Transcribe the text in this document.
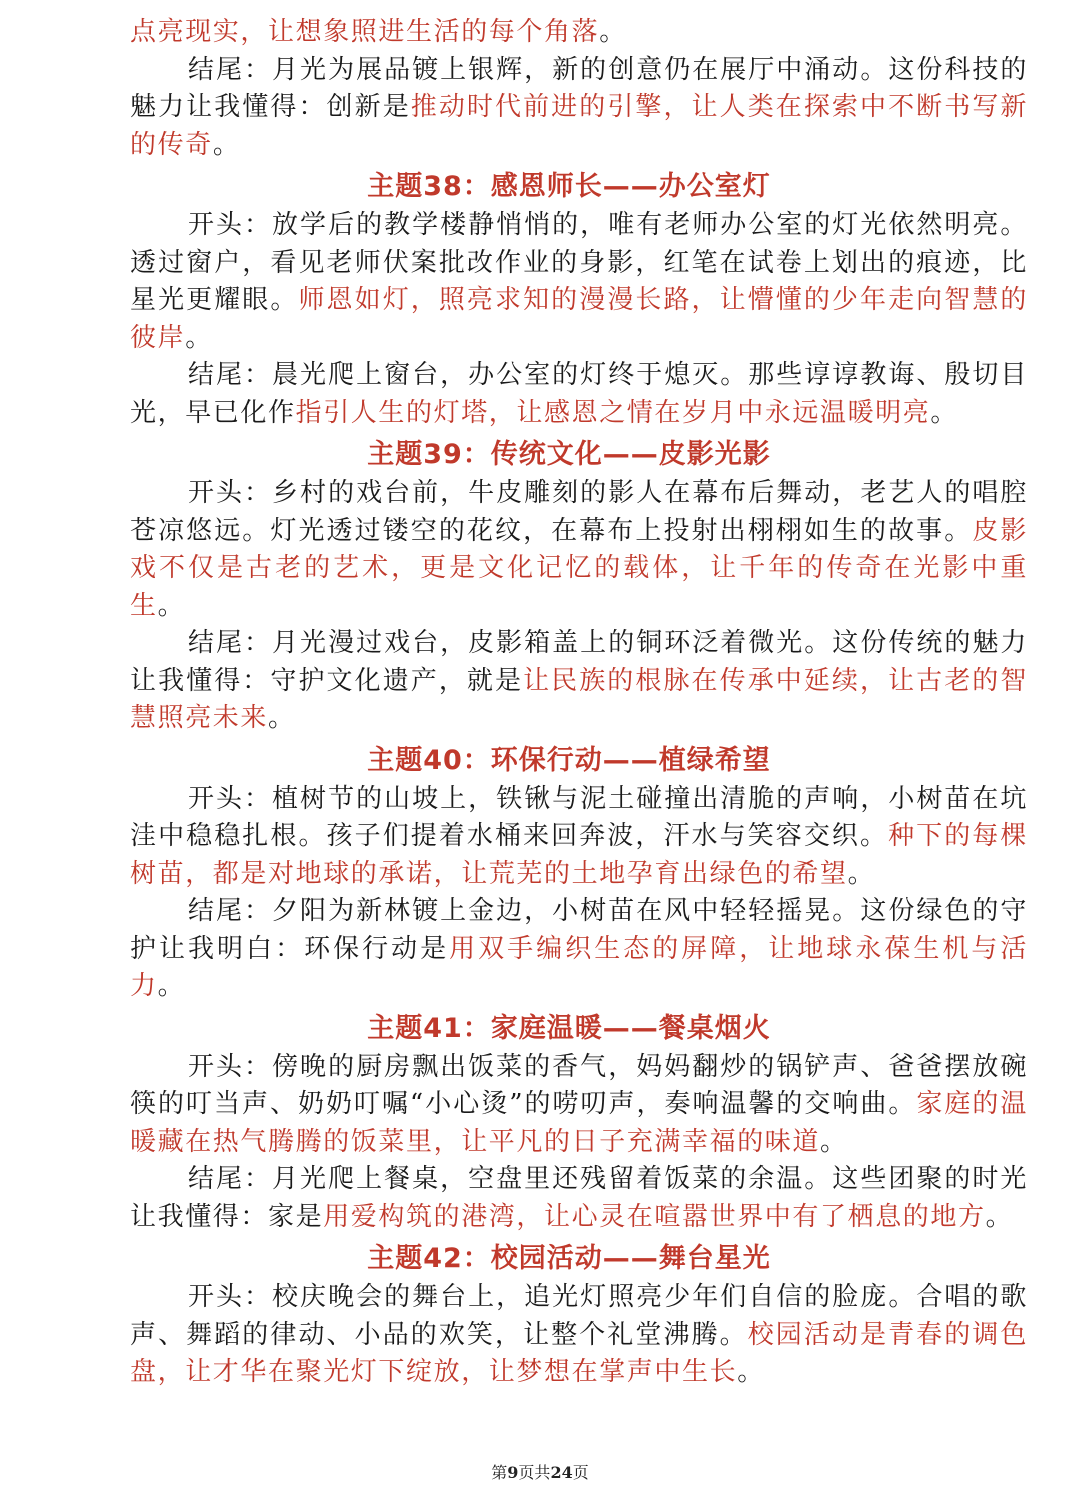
点亮现实，让想象照进生活的每个角落。

结尾：月光为展品镀上银辉，新的创意仍在展厅中涌动。这份科技的魅力让我懂得：创新是推动时代前进的引擎，让人类在探索中不断书写新的传奇。

主题38：感恩师长——办公室灯

开头：放学后的教学楼静悄悄的，唯有老师办公室的灯光依然明亮。透过窗户，看见老师伏案批改作业的身影，红笔在试卷上划出的痕迹，比星光更耀眼。师恩如灯，照亮求知的漫漫长路，让懵懂的少年走向智慧的彼岸。

结尾：晨光爬上窗台，办公室的灯终于熄灭。那些谆谆教诲、殷切目光，早已化作指引人生的灯塔，让感恩之情在岁月中永远温暖明亮。

主题39：传统文化——皮影光影

开头：乡村的戏台前，牛皮雕刻的影人在幕布后舞动，老艺人的唱腔苍凉悠远。灯光透过镂空的花纹，在幕布上投射出栩栩如生的故事。皮影戏不仅是古老的艺术，更是文化记忆的载体，让千年的传奇在光影中重生。

结尾：月光漫过戏台，皮影箱盖上的铜环泛着微光。这份传统的魅力让我懂得：守护文化遗产，就是让民族的根脉在传承中延续，让古老的智慧照亮未来。

主题40：环保行动——植绿希望

开头：植树节的山坡上，铁锹与泥土碰撞出清脆的声响，小树苗在坑洼中稳稳扎根。孩子们提着水桶来回奔波，汗水与笑容交织。种下的每棵树苗，都是对地球的承诺，让荒芜的土地孕育出绿色的希望。

结尾：夕阳为新林镀上金边，小树苗在风中轻轻摇晃。这份绿色的守护让我明白：环保行动是用双手编织生态的屏障，让地球永葆生机与活力。

主题41：家庭温暖——餐桌烟火

开头：傍晚的厨房飘出饭菜的香气，妈妈翻炒的锅铲声、爸爸摆放碗筷的叮当声、奶奶叮嘱“小心烫”的唠叨声，奏响温馨的交响曲。家庭的温暖藏在热气腾腾的饭菜里，让平凡的日子充满幸福的味道。

结尾：月光爬上餐桌，空盘里还残留着饭菜的余温。这些团聚的时光让我懂得：家是用爱构筑的港湾，让心灵在喧嚣世界中有了栖息的地方。

主题42：校园活动——舞台星光

开头：校庆晚会的舞台上，追光灯照亮少年们自信的脸庞。合唱的歌声、舞蹈的律动、小品的欢笑，让整个礼堂沸腾。校园活动是青春的调色盘，让才华在聚光灯下绽放，让梦想在掌声中生长。

第9页共24页
